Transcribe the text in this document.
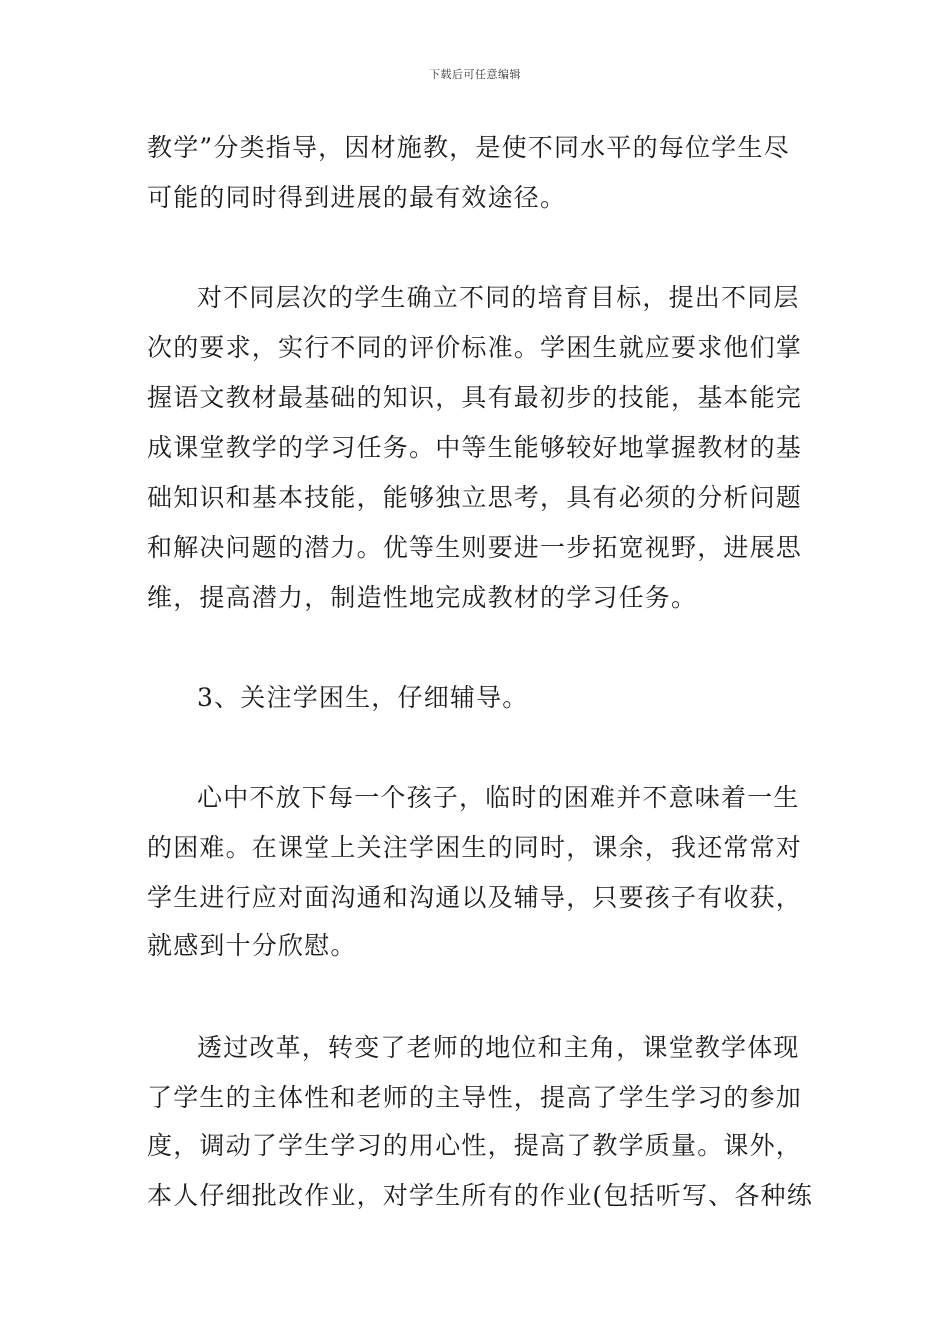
下载后可任意编辑
教学”分类指导，因材施教，是使不同水平的每位学生尽
可能的同时得到进展的最有效途径。
对不同层次的学生确立不同的培育目标，提出不同层
次的要求，实行不同的评价标准。学困生就应要求他们掌
握语文教材最基础的知识，具有最初步的技能，基本能完
成课堂教学的学习任务。中等生能够较好地掌握教材的基
础知识和基本技能，能够独立思考，具有必须的分析问题
和解决问题的潜力。优等生则要进一步拓宽视野，进展思
维，提高潜力，制造性地完成教材的学习任务。
3、关注学困生，仔细辅导。
心中不放下每一个孩子，临时的困难并不意味着一生
的困难。在课堂上关注学困生的同时，课余，我还常常对
学生进行应对面沟通和沟通以及辅导，只要孩子有收获，
就感到十分欣慰。
透过改革，转变了老师的地位和主角，课堂教学体现
了学生的主体性和老师的主导性，提高了学生学习的参加
度，调动了学生学习的用心性，提高了教学质量。课外，
本人仔细批改作业，对学生所有的作业(包括听写、各种练
